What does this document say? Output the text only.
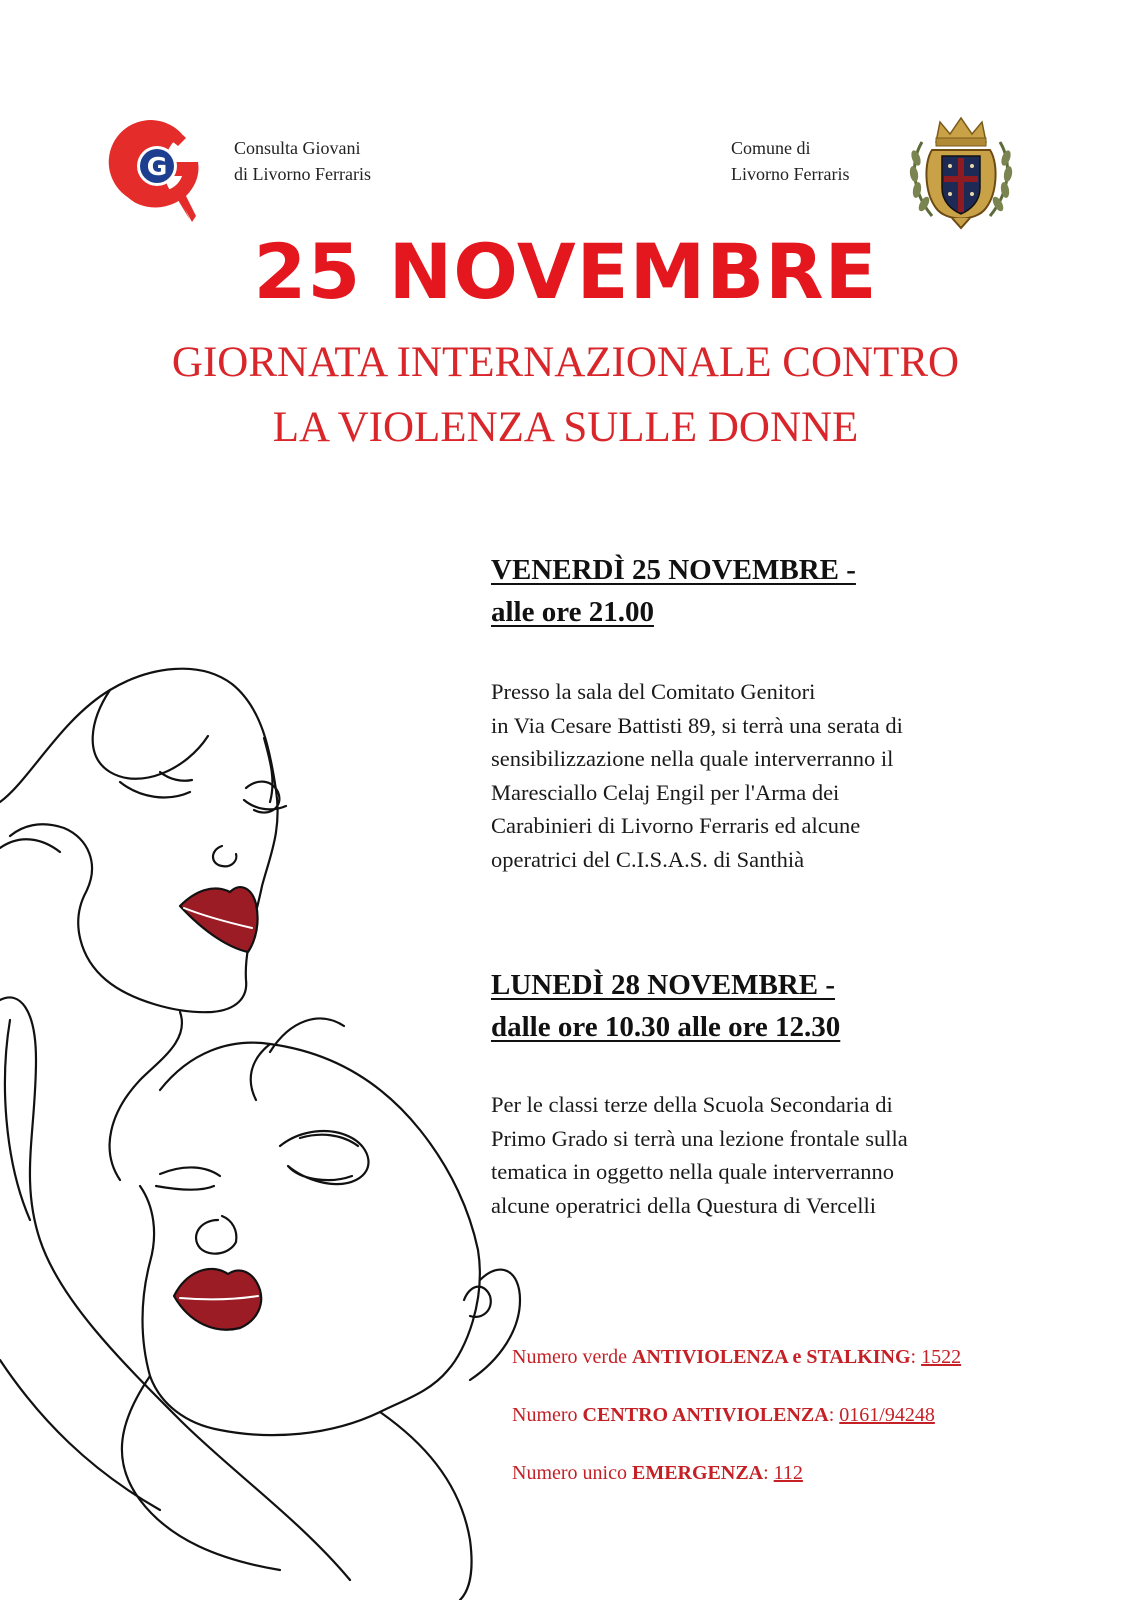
G
Consulta Giovani
di Livorno Ferraris
Comune di
Livorno Ferraris
25 NOVEMBRE
GIORNATA INTERNAZIONALE CONTRO
LA VIOLENZA SULLE DONNE
VENERDÌ 25 NOVEMBRE -
alle ore 21.00
Presso la sala del Comitato Genitori
in Via Cesare Battisti 89, si terrà una serata di
sensibilizzazione nella quale interverranno il
Maresciallo Celaj Engil per l'Arma dei
Carabinieri di Livorno Ferraris ed alcune
operatrici del C.I.S.A.S. di Santhià
LUNEDÌ 28 NOVEMBRE -
dalle ore 10.30 alle ore 12.30
Per le classi terze della Scuola Secondaria di
Primo Grado si terrà una lezione frontale sulla
tematica in oggetto nella quale interverranno
alcune operatrici della Questura di Vercelli
Numero verde ANTIVIOLENZA e STALKING: 1522
Numero CENTRO ANTIVIOLENZA: 0161/94248
Numero unico EMERGENZA: 112
